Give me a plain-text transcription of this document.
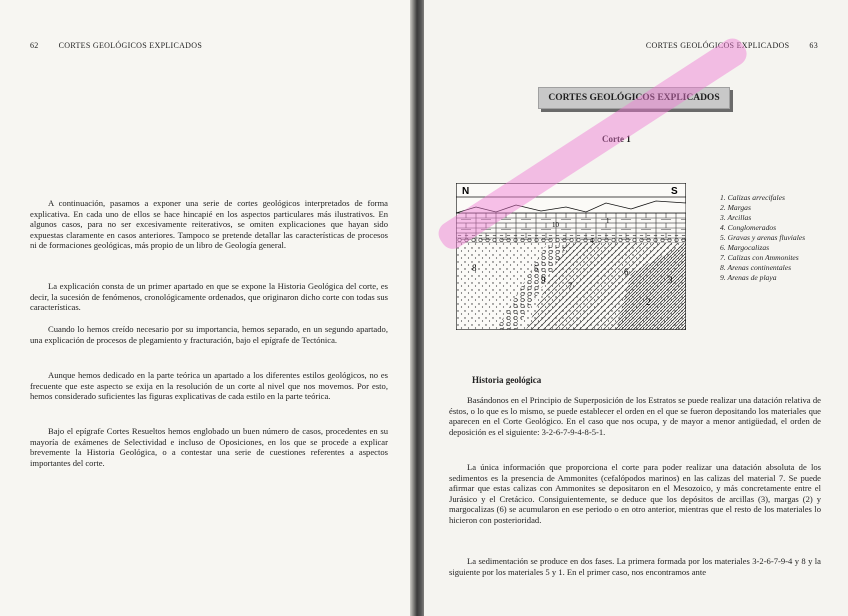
62	CORTES GEOLÓGICOS EXPLICADOS

A continuación, pasamos a exponer una serie de cortes geológicos interpretados de forma explicativa. En cada uno de ellos se hace hincapié en los aspectos particulares más ilustrativos. En algunos casos, para no ser excesivamente reiterativos, se omiten explicaciones que hayan sido expuestas claramente en casos anteriores. Tampoco se pretende detallar las características de procesos ni de formaciones geológicas, más propio de un libro de Geología general.

La explicación consta de un primer apartado en que se expone la Historia Geológica del corte, es decir, la sucesión de fenómenos, cronológicamente ordenados, que originaron dicho corte con todas sus características.

Cuando lo hemos creído necesario por su importancia, hemos separado, en un segundo apartado, una explicación de procesos de plegamiento y fracturación, bajo el epígrafe de Tectónica.

Aunque hemos dedicado en la parte teórica un apartado a los diferentes estilos geológicos, no es frecuente que este aspecto se exija en la resolución de un corte al nivel que nos movemos. Por esto, hemos considerado suficientes las figuras explicativas de cada estilo en la parte teórica.

Bajo el epígrafe Cortes Resueltos hemos englobado un buen número de casos, procedentes en su mayoría de exámenes de Selectividad e incluso de Oposiciones, en los que se procede a explicar brevemente la Historia Geológica, o a contestar una serie de cuestiones referentes a aspectos importantes del corte.

CORTES GEOLÓGICOS EXPLICADOS	63
CORTES GEOLÓGICOS EXPLICADOS
Corte 1
N	S
3
2
6
7
9
8	5
4
10	1
1. Calizas arrecifales
2. Margas
3. Arcillas
4. Conglomerados
5. Gravas y arenas fluviales
6. Margocalizas
7. Calizas con Ammonites
8. Arenas continentales
9. Arenas de playa
Historia geológica

Basándonos en el Principio de Superposición de los Estratos se puede realizar una datación relativa de éstos, o lo que es lo mismo, se puede establecer el orden en el que se fueron depositando los materiales que aparecen en el Corte Geológico. En el caso que nos ocupa, y de mayor a menor antigüedad, el orden de deposición es el siguiente: 3-2-6-7-9-4-8-5-1.

La única información que proporciona el corte para poder realizar una datación absoluta de los sedimentos es la presencia de Ammonites (cefalópodos marinos) en las calizas del material 7. Se puede afirmar que estas calizas con Ammonites se depositaron en el Mesozoico, y más concretamente entre el Jurásico y el Cretácico. Consiguientemente, se deduce que los depósitos de arcillas (3), margas (2) y margocalizas (6) se acumularon en ese periodo o en otro anterior, mientras que el resto de los materiales lo hicieron con posterioridad.

La sedimentación se produce en dos fases. La primera formada por los materiales 3-2-6-7-9-4 y 8 y la siguiente por los materiales 5 y 1. En el primer caso, nos encontramos ante
